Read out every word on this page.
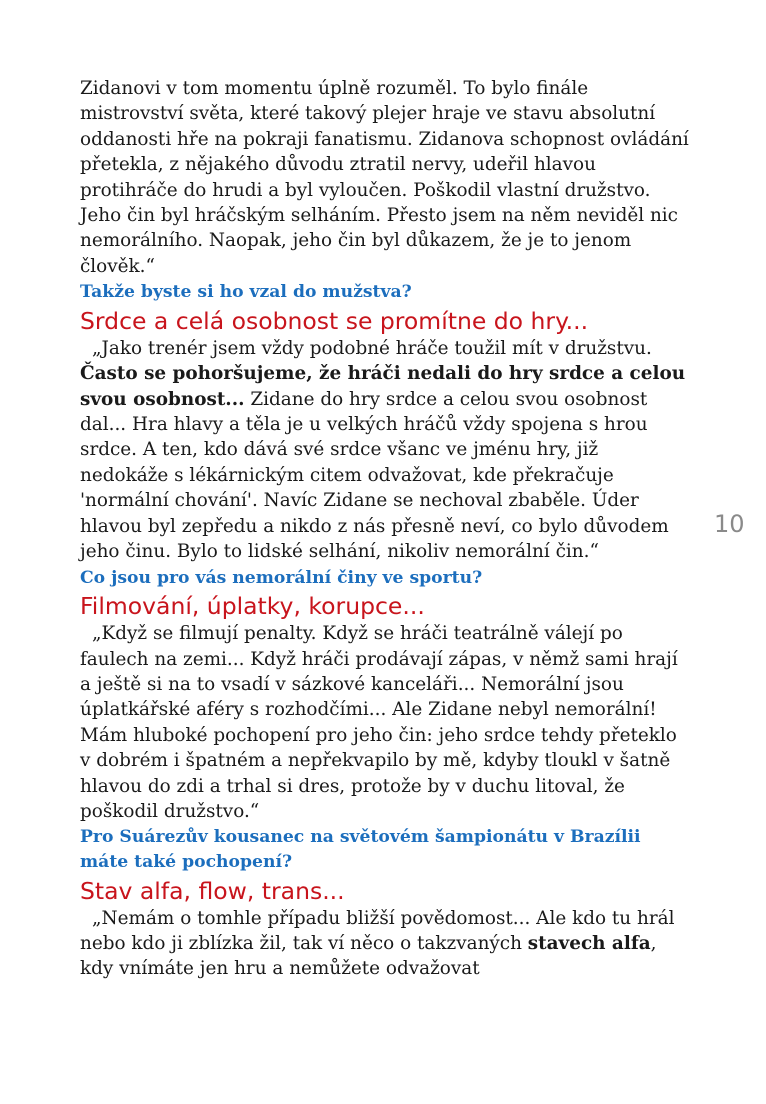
Zidanovi v tom momentu úplně rozuměl. To bylo finále mistrovství světa, které takový plejer hraje ve stavu absolutní oddanosti hře na pokraji fanatismu. Zidanova schopnost ovládání přetekla, z nějakého důvodu ztratil nervy, udeřil hlavou protihráče do hrudi a byl vyloučen. Poškodil vlastní družstvo. Jeho čin byl hráčským selháním. Přesto jsem na něm neviděl nic nemorálního. Naopak, jeho čin byl důkazem, že je to jenom člověk.“

Takže byste si ho vzal do mužstva?
Srdce a celá osobnost se promítne do hry...

„Jako trenér jsem vždy podobné hráče toužil mít v družstvu. Často se pohoršujeme, že hráči nedali do hry srdce a celou svou osobnost... Zidane do hry srdce a celou svou osobnost dal... Hra hlavy a těla je u velkých hráčů vždy spojena s hrou srdce. A ten, kdo dává své srdce všanc ve jménu hry, již nedokáže s lékárnickým citem odvažovat, kde překračuje 'normální chování'. Navíc Zidane se nechoval zbaběle. Úder hlavou byl zepředu a nikdo z nás přesně neví, co bylo důvodem jeho činu. Bylo to lidské selhání, nikoliv nemorální čin.“

Co jsou pro vás nemorální činy ve sportu?
Filmování, úplatky, korupce...

„Když se filmují penalty. Když se hráči teatrálně válejí po faulech na zemi... Když hráči prodávají zápas, v němž sami hrají a ještě si na to vsadí v sázkové kanceláři... Nemorální jsou úplatkářské aféry s rozhodčími... Ale Zidane nebyl nemorální! Mám hluboké pochopení pro jeho čin: jeho srdce tehdy přeteklo v dobrém i špatném a nepřekvapilo by mě, kdyby tloukl v šatně hlavou do zdi a trhal si dres, protože by v duchu litoval, že poškodil družstvo.“

Pro Suárezův kousanec na světovém šampionátu v Brazílii máte také pochopení?
Stav alfa, flow, trans...

„Nemám o tomhle případu bližší povědomost... Ale kdo tu hrál nebo kdo ji zblízka žil, tak ví něco o takzvaných stavech alfa, kdy vnímáte jen hru a nemůžete odvažovat

10
